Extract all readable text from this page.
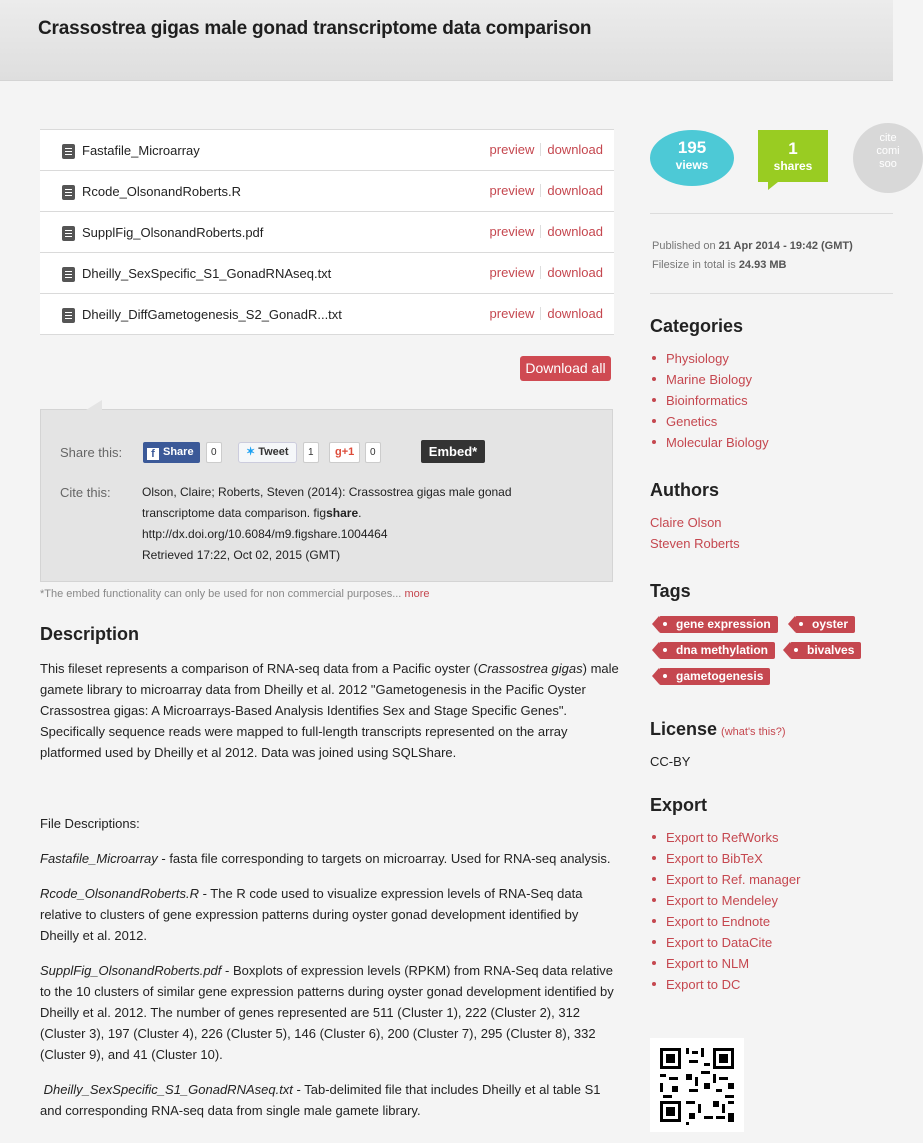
Crassostrea gigas male gonad transcriptome data comparison
Fastafile_Microarray	preview download
Rcode_OlsonandRoberts.R	preview download
SupplFig_OlsonandRoberts.pdf	preview download
Dheilly_SexSpecific_S1_GonadRNAseq.txt	preview download
Dheilly_DiffGametogenesis_S2_GonadR...txt	preview download
Download all
Share this:	f Share	0	✶ Tweet	1	g+1	0	Embed*
Cite this:	Olson, Claire; Roberts, Steven (2014): Crassostrea gigas male gonad
transcriptome data comparison. figshare.
http://dx.doi.org/10.6084/m9.figshare.1004464
Retrieved 17:22, Oct 02, 2015 (GMT)
*The embed functionality can only be used for non commercial purposes... more
Description

This fileset represents a comparison of RNA-seq data from a Pacific oyster (Crassostrea gigas) male gamete library to microarray data from Dheilly et al. 2012 "Gametogenesis in the Pacific Oyster Crassostrea gigas: A Microarrays-Based Analysis Identifies Sex and Stage Specific Genes". Specifically sequence reads were mapped to full-length transcripts represented on the array platformed used by Dheilly et al 2012. Data was joined using SQLShare.

File Descriptions:
Fastafile_Microarray - fasta file corresponding to targets on microarray. Used for RNA-seq analysis.
Rcode_OlsonandRoberts.R - The R code used to visualize expression levels of RNA-Seq data relative to clusters of gene expression patterns during oyster gonad development identified by Dheilly et al. 2012.
SupplFig_OlsonandRoberts.pdf - Boxplots of expression levels (RPKM) from RNA-Seq data relative to the 10 clusters of similar gene expression patterns during oyster gonad development identified by Dheilly et al. 2012. The number of genes represented are 511 (Cluster 1), 222 (Cluster 2), 312 (Cluster 3), 197 (Cluster 4), 226 (Cluster 5), 146 (Cluster 6), 200 (Cluster 7), 295 (Cluster 8), 332 (Cluster 9), and 41 (Cluster 10).
Dheilly_SexSpecific_S1_GonadRNAseq.txt - Tab-delimited file that includes Dheilly et al table S1 and corresponding RNA-seq data from single male gamete library.
195
views
1
shares
cite
comi
soo
Published on 21 Apr 2014 - 19:42 (GMT)
Filesize in total is 24.93 MB
Categories
Physiology
Marine Biology
Bioinformatics
Genetics
Molecular Biology
Authors
Claire Olson
Steven Roberts
Tags
gene expression	oyster
dna methylation	bivalves
gametogenesis
License (what's this?)
CC-BY
Export
Export to RefWorks
Export to BibTeX
Export to Ref. manager
Export to Mendeley
Export to Endnote
Export to DataCite
Export to NLM
Export to DC
